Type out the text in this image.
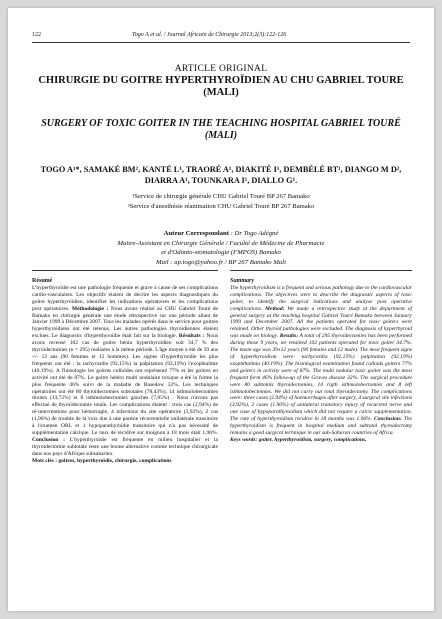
122	Togo A et al. / Journal Africain de Chirurgie 2013;2(3):122-126
ARTICLE ORIGINAL
CHIRURGIE DU GOITRE HYPERTHYROÏDIEN AU CHU GABRIEL TOURE (MALI)
SURGERY OF TOXIC GOITER IN THE TEACHING HOSPITAL GABRIEL TOURÉ (MALI)
TOGO A¹*, SAMAKÉ BM², KANTÉ L¹, TRAORÉ A¹, DIAKITÉ I¹, DEMBÉLÉ BT¹, DIANGO M D², DIARRA A¹, TOUNKARA I¹, DIALLO G¹.
¹Service de chirurgie générale CHU Gabriel Touré BP 267 Bamako
²Service d'anesthésie réanimation CHU Gabriel Touré BP 267 Bamako
Auteur Correspondant : Dr Togo Adégné
Maitre-Assistant en Chirurgie Générale / Faculté de Médecine de Pharmacie
et d'Odonto-stomatologie (FMPOS) Bamako
Mail : ap.togo@yahoo.fr / BP 267 Bamako Mali

Résumé

L'hyperthyroïdie est une pathologie fréquente et grave à cause de ses complications cardio-vasculaires. Les objectifs étaient de décrire les aspects diagnostiques du goitre hyperthyroïdien, identifier les indications opératoires et les complications post opératoires. Méthodologie : Nous avons réalisé au CHU Gabriel Touré de Bamako en chirurgie générale une étude rétrospective sur une période allant de Janvier 1999 à Décembre 2007. Tous les malades opérés dans le service pour goitres hyperthyroïdiens ont été retenus. Les autres pathologies thyroïdiennes étaient exclues. Le diagnostic d'hyperthyroïdie était fait sur la biologie. Résultats : Nous avons recensé 102 cas de goitre bénin hyperthyroïdien soit 34,7 % des thyroïdectomies (n = 295) réalisées à la même période. L'âge moyen a été de 39 ans +/- 12 ans (90 femmes et 12 hommes). Les signes d'hyperthyroïdie les plus fréquents ont été : la tachycardie (92,15%) la palpitation (92,19%) l'exophtalmie (40,19%). A l'histologie les goitres colloïdes ont représenté 77% et les goitres en activité ont été de 87%. Le goitre hétéro multi nodulaire toxique a été la forme la plus fréquente 46% suivi de la maladie de Basedow 32%. Les techniques opératoires ont été 80 thyroïdectomies subtotales (78,43%), 14 isthmolobectomies droites (13,72%) et 8 isthmolobectomies gauches (7,85%) . Nous n'avons pas effectué de thyroïdectomie totale. Les complications étaient : trois cas (2,94%) de ré-interventions pour hémorragie, 4 infections du site opératoire (3,92%), 2 cas (1,96%) de trouble de la voix due à une parésie récurrentielle unilatérale transitoire à l'examen ORL et 1 hypoparathyroïdie transitoire qui n'a pas nécessité de supplémentation calcique. Le taux de récidive sur moignon à 18 mois était 1,96%. Conclusion : L'hyperthyroïdie est fréquente en milieu hospitalier et la thyroïdectomie subtotale reste une bonne alternative comme technique chirurgicale dans nos pays d'Afrique subsaharien.

Mots clés : goitres, hyperthyroïdie, chirurgie, complications

Summary

The hyperthyroidism is a frequent and serious pathology due to the cardiovascular complications. The objectives were to describe the diagnostic aspects of toxic goiter, to identify the surgical indications and analyse post operative complications. Method: We made a retrospective study at the department of general surgery at the teaching hospital Gabriel Touré Bamako between January 1999 and December 2007. All the patients operated for toxic goiters were retained. Other thyroid pathologies were excluded. The diagnosis of hyperthyroid was made on biology. Results: A total of 295 thyroidectomies has been performed during those 9 years, we retained 102 patients operated for toxic goiter 34.7%. The mean age was 39±12 years (90 females and 12 male). The most frequent signs of hyperthyroidism were: tachycardia (92.15%) palpitation (92.19%) exophthalmia (40.19%). The histological examination found colloids goiters 77% and goiters in activity were of 87%. The multi nodular toxic goiter was the most frequent form 46% follow-up of the Graves disease 32%. The surgical procedure were 80 subtotals thyroidectomies, 14 rigth isthmolobectomies and 8 left isthmolobectomies. We did not carry out total thyroidectomy. The complications were: three cases (2.94%) of haemorrhages after surgery, 4 surgical site infections (3.92%), 2 cases (1.96%) of unilateral transitory injury of recurrent nerve and one case of hypoparathyroidism which did not require a calcic supplementation. The rate of hyperthyroidism recidive in 18 months was 1.96%. Conclusion: The hyperthyroidism is frequent in hospital medium and subtotal thyroidectomy remains a good surgical technique in our sub-Saharan countries of Africa.

Keys words: goiter, hyperthyroidism, surgery, complications.
